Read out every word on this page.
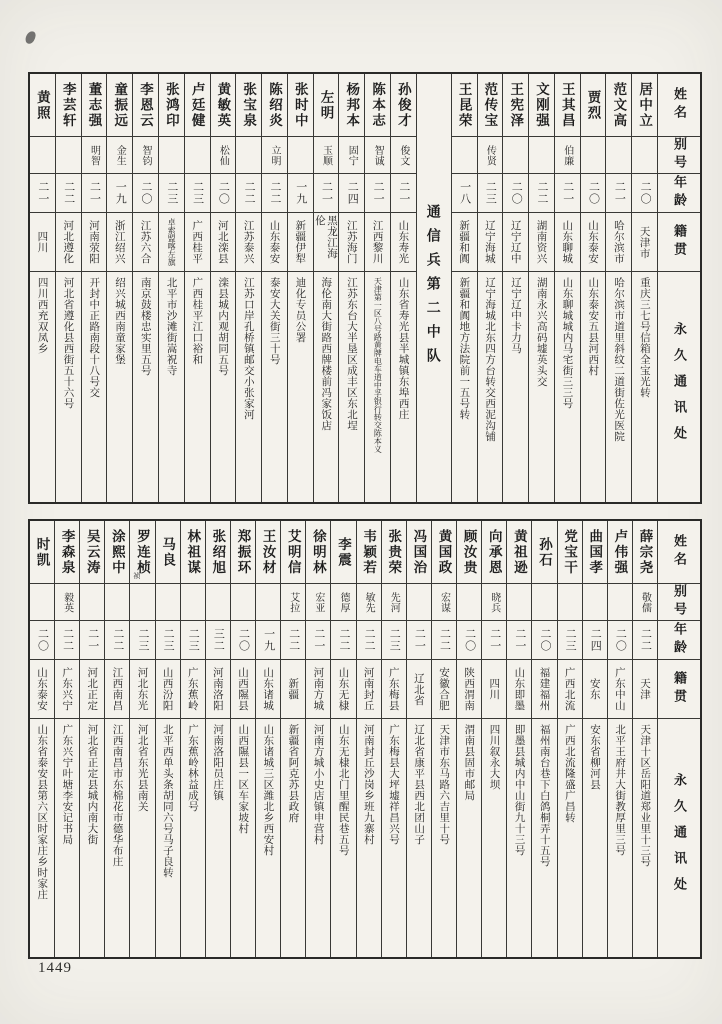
姓名
别号
年龄
籍贯
永久通讯处
居中立
二〇
天津市
重庆三七号信箱全宝光转
范文高
二一
哈尔滨市
哈尔滨市道里斜纹二道街佐光医院
贾烈
二〇
山东泰安
山东泰安五县河西村
王其昌
伯廉
二一
山东聊城
山东聊城城内马宅街三三号
文刚强
二二
湖南资兴
湖南永兴高码墟英头交
王宪泽
二〇
辽宁辽中
辽宁辽中卡力马
范传宝
传贤
二三
辽宁海城
辽宁海城北东四方台转交西泥沟铺
王昆荣
一八
新疆和阗
新疆和阗地方法院前一五号转
通信兵第二中队
孙俊才
俊文
二一
山东寿光
山东省寿光县半城镇东埠西庄
陈本志
智诚
二一
江西黎川
天津第一区八号路黄牌电车道中孚银行转交陈本义
杨邦本
固宁
二四
江苏海门
江苏东台大半垦区成丰区东北埕
左明
玉顺
二一
黑龙江海伦
海伦南大街路西牌楼前冯家饭店
张时中
一九
新疆伊犁
迪化专员公署
陈绍炎
立明
二二
山东泰安
泰安大关街三十号
张宝泉
二二
江苏泰兴
江苏口岸孔桥镇邮交小张家河
黄敏英
松仙
二〇
河北滦县
滦县城内观胡同五号
卢廷健
二三
广西桂平
广西桂平江口裕和
张鸿印
二三
卓索盟喀左旗
北平市沙滩街嵩祝寺
李恩云
智钧
二〇
江苏六合
南京鼓楼忠实里五号
童振远
金生
一九
浙江绍兴
绍兴城西南童家堡
董志强
明智
二一
河南荥阳
开封中正路南段十八号交
李芸轩
二二
河北遵化
河北省遵化县西街五十六号
黄照
二一
四川
四川西充双凤乡
姓名
别号
年龄
籍贯
永久通讯处
薛宗尧
敬儒
二二
天津
天津十区岳阳道郑业里十三号
卢伟强
二〇
广东中山
北平王府井大街教厚里三号
曲国孝
二四
安东
安东省柳河县
党宝干
二三
广西北流
广西北流隆盛广昌转
孙石
二〇
福建福州
福州南台巷下白鸽桐弄十五号
黄祖逊
二一
山东即墨
即墨县城内中山街九十三号
向承恩
晓兵
二一
四川
四川叙永大坝
顾汝贵
二〇
陕西渭南
渭南县固市邮局
黄国政
宏谋
二二
安徽合肥
天津市东马路六吉里十号
冯国治
二一
辽北省
辽北省康平县西北团山子
张贵荣
先河
二三
广东梅县
广东梅县大坪墟祥昌兴号
韦颖若
敏先
二二
河南封丘
河南封丘沙岗乡班九寨村
李震
德厚
二二
山东无棣
山东无棣北门里醒民巷五号
徐明林
宏亚
二一
河南方城
河南方城小史店镇申营村
艾明信
艾拉
二二
新疆
新疆省阿克苏县政府
王汝材
一九
山东诸城
山东诸城三区潍北乡西安村
郑振环
二〇
山西隰县
山西隰县一区车家坡村
张绍旭
三二
河南洛阳
河南洛阳员庄镇
林祖谋
二三
广东蕉岭
广东蕉岭林益成号
马良
二三
山西汾阳
北平西单头条胡同六号马子良转
罗连桢
祯
二三
河北东光
河北省东光县南关
涂熙中
二二
江西南昌
江西南昌市东棉花市德华布庄
吴云涛
二一
河北正定
河北省正定县城内南大街
李森泉
毅英
二二
广东兴宁
广东兴宁叶塘李安记书局
时凯
二〇
山东泰安
山东省泰安县第六区时家庄乡时家庄
1449
